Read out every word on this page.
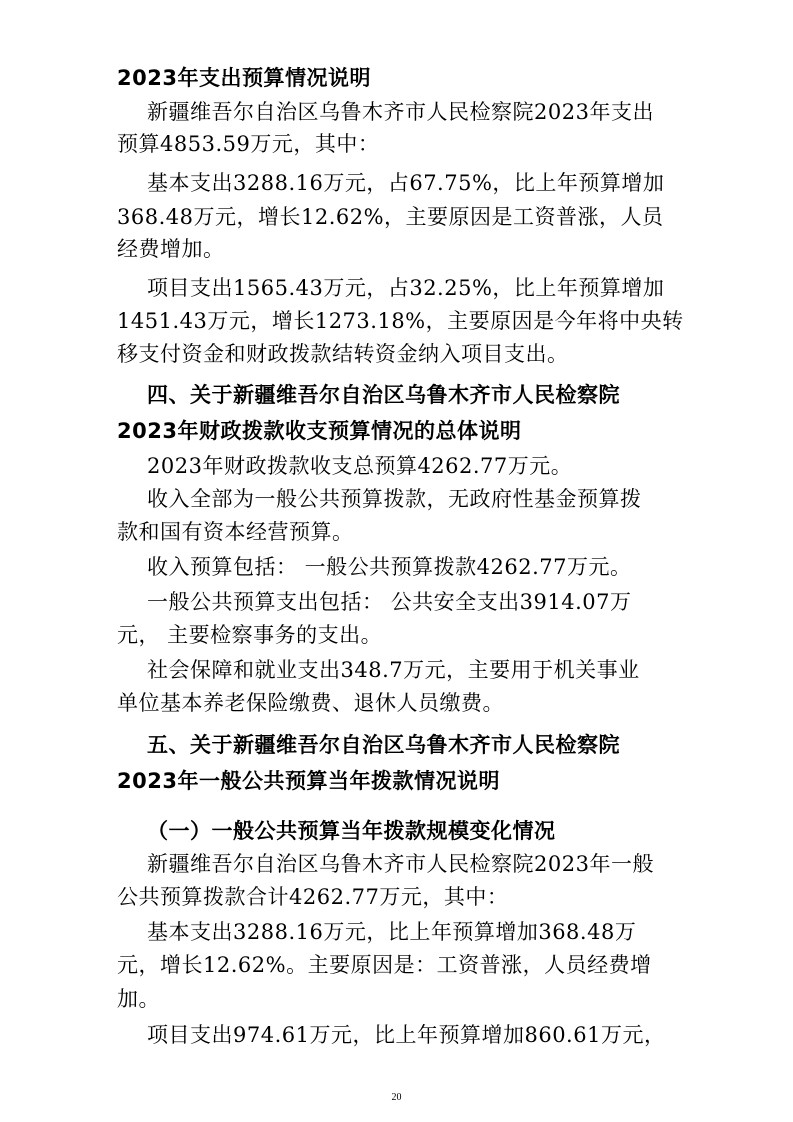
2023年支出预算情况说明
新疆维吾尔自治区乌鲁木齐市人民检察院2023年支出
预算4853.59万元，其中：
基本支出3288.16万元，占67.75%，比上年预算增加
368.48万元，增长12.62%，主要原因是工资普涨，人员
经费增加。
项目支出1565.43万元，占32.25%，比上年预算增加
1451.43万元，增长1273.18%，主要原因是今年将中央转
移支付资金和财政拨款结转资金纳入项目支出。
四、关于新疆维吾尔自治区乌鲁木齐市人民检察院
2023年财政拨款收支预算情况的总体说明
2023年财政拨款收支总预算4262.77万元。
收入全部为一般公共预算拨款，无政府性基金预算拨
款和国有资本经营预算。
收入预算包括： 一般公共预算拨款4262.77万元。
一般公共预算支出包括： 公共安全支出3914.07万
元， 主要检察事务的支出。
社会保障和就业支出348.7万元，主要用于机关事业
单位基本养老保险缴费、退休人员缴费。
五、关于新疆维吾尔自治区乌鲁木齐市人民检察院
2023年一般公共预算当年拨款情况说明
（一）一般公共预算当年拨款规模变化情况
新疆维吾尔自治区乌鲁木齐市人民检察院2023年一般
公共预算拨款合计4262.77万元，其中：
基本支出3288.16万元，比上年预算增加368.48万
元，增长12.62%。主要原因是：工资普涨，人员经费增
加。
项目支出974.61万元，比上年预算增加860.61万元，
20
